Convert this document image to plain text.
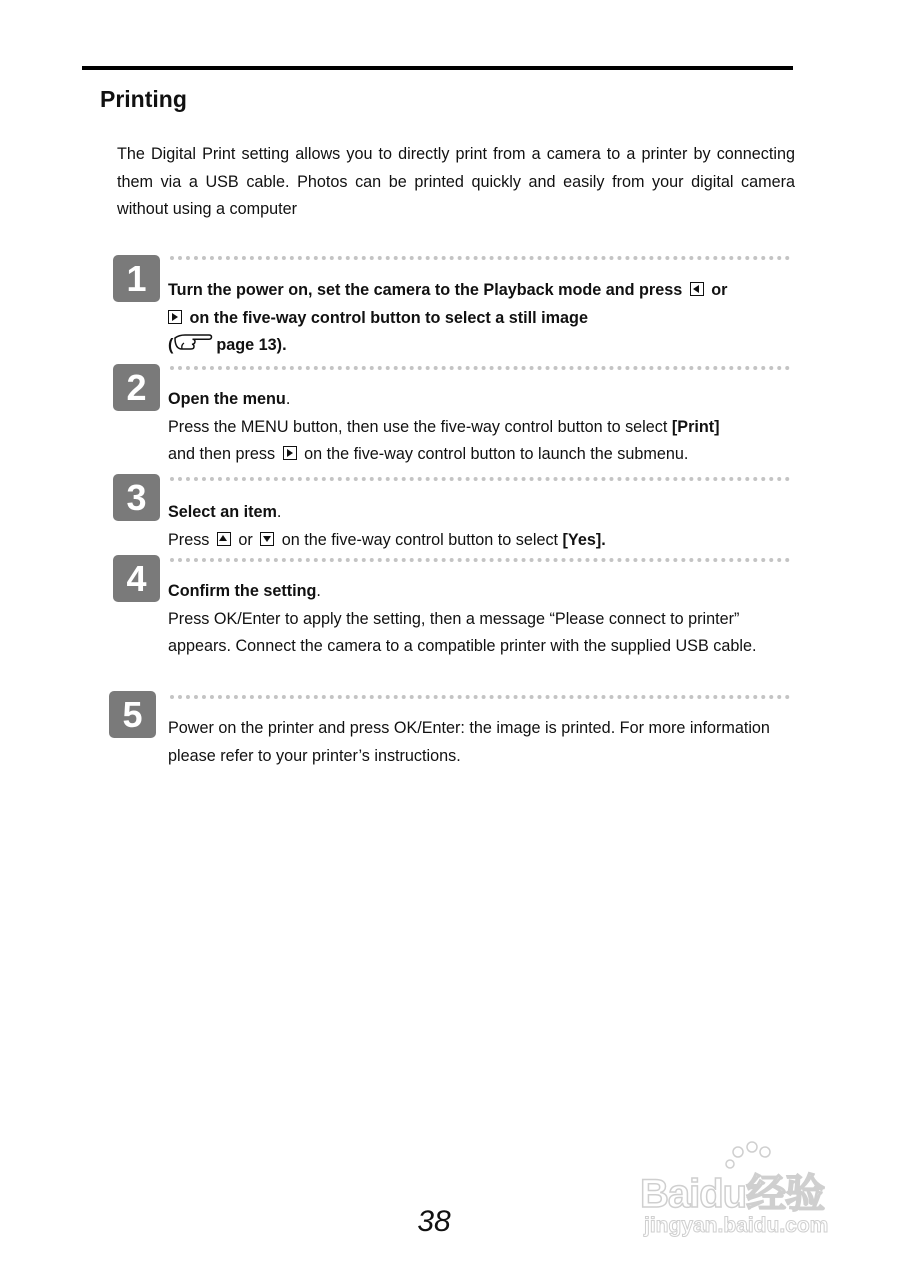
Printing

The Digital Print setting allows you to directly print from a camera to a printer by connecting them via a USB cable. Photos can be printed quickly and easily from your digital camera without using a computer

1	Turn the power on, set the camera to the Playback mode and press or
on the five-way control button to select a still image
(	page 13).
2	Open the menu.
Press the MENU button, then use the five-way control button to select [Print]
and then press on the five-way control button to launch the submenu.
3	Select an item.
Press or on the five-way control button to select [Yes].
4	Confirm the setting.
Press OK/Enter to apply the setting, then a message “Please connect to printer” appears. Connect the camera to a compatible printer with the supplied USB cable.
5	Power on the printer and press OK/Enter: the image is printed. For more information please refer to your printer’s instructions.
38
Baidu经验
jingyan.baidu.com
